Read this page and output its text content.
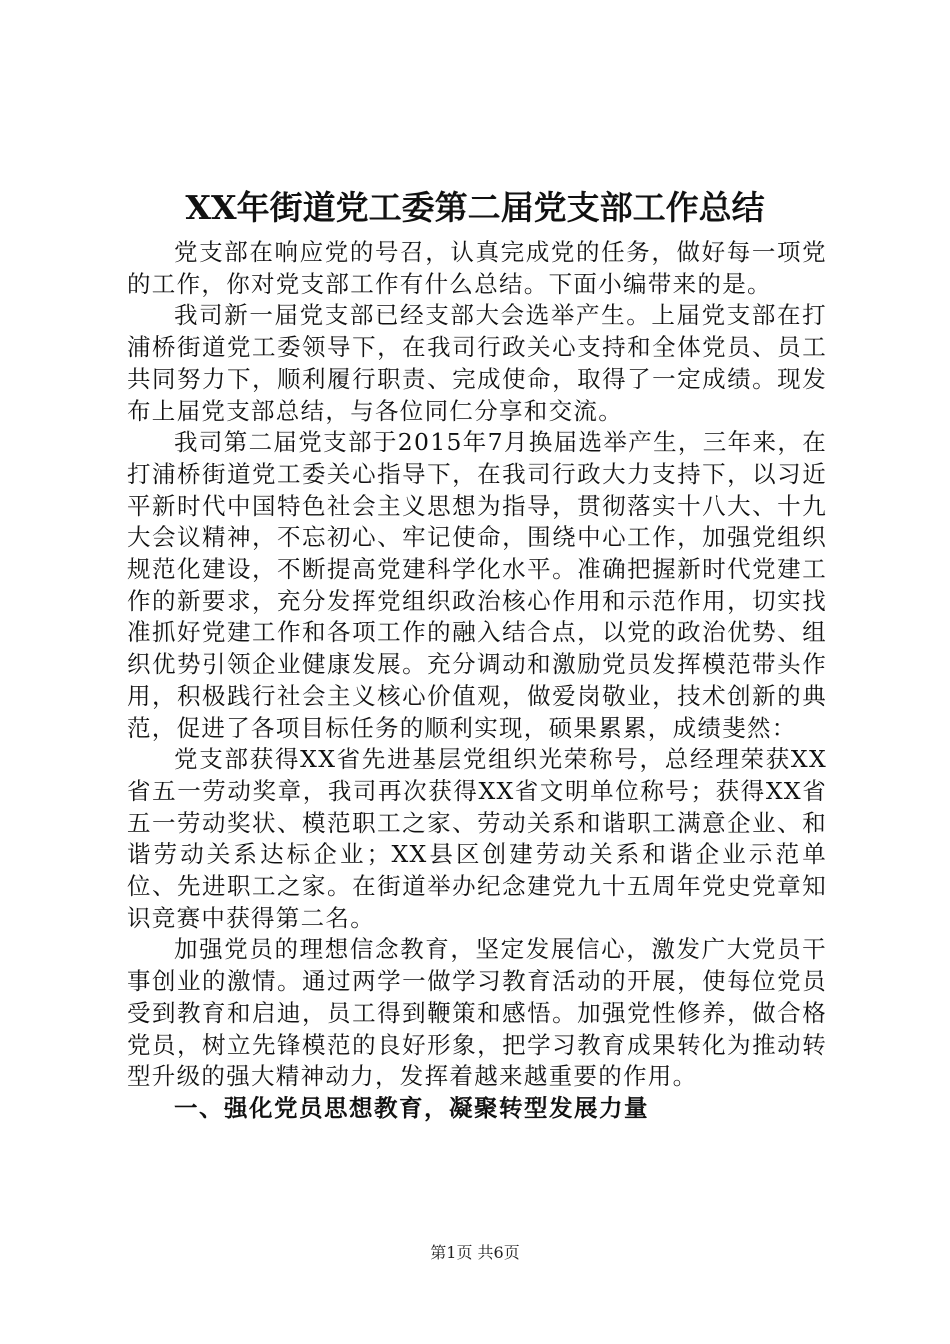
XX年街道党工委第二届党支部工作总结

党支部在响应党的号召，认真完成党的任务，做好每一项党的工作，你对党支部工作有什么总结。下面小编带来的是。

我司新一届党支部已经支部大会选举产生。上届党支部在打浦桥街道党工委领导下，在我司行政关心支持和全体党员、员工共同努力下，顺利履行职责、完成使命，取得了一定成绩。现发布上届党支部总结，与各位同仁分享和交流。

我司第二届党支部于2015年7月换届选举产生，三年来，在打浦桥街道党工委关心指导下，在我司行政大力支持下，以习近平新时代中国特色社会主义思想为指导，贯彻落实十八大、十九大会议精神，不忘初心、牢记使命，围绕中心工作，加强党组织规范化建设，不断提高党建科学化水平。准确把握新时代党建工作的新要求，充分发挥党组织政治核心作用和示范作用，切实找准抓好党建工作和各项工作的融入结合点，以党的政治优势、组织优势引领企业健康发展。充分调动和激励党员发挥模范带头作用，积极践行社会主义核心价值观，做爱岗敬业，技术创新的典范，促进了各项目标任务的顺利实现，硕果累累，成绩斐然：

党支部获得XX省先进基层党组织光荣称号，总经理荣获XX省五一劳动奖章，我司再次获得XX省文明单位称号；获得XX省五一劳动奖状、模范职工之家、劳动关系和谐职工满意企业、和谐劳动关系达标企业；XX县区创建劳动关系和谐企业示范单位、先进职工之家。在街道举办纪念建党九十五周年党史党章知识竞赛中获得第二名。

加强党员的理想信念教育，坚定发展信心，激发广大党员干事创业的激情。通过两学一做学习教育活动的开展，使每位党员受到教育和启迪，员工得到鞭策和感悟。加强党性修养，做合格党员，树立先锋模范的良好形象，把学习教育成果转化为推动转型升级的强大精神动力，发挥着越来越重要的作用。

一、强化党员思想教育，凝聚转型发展力量

第1页 共6页
